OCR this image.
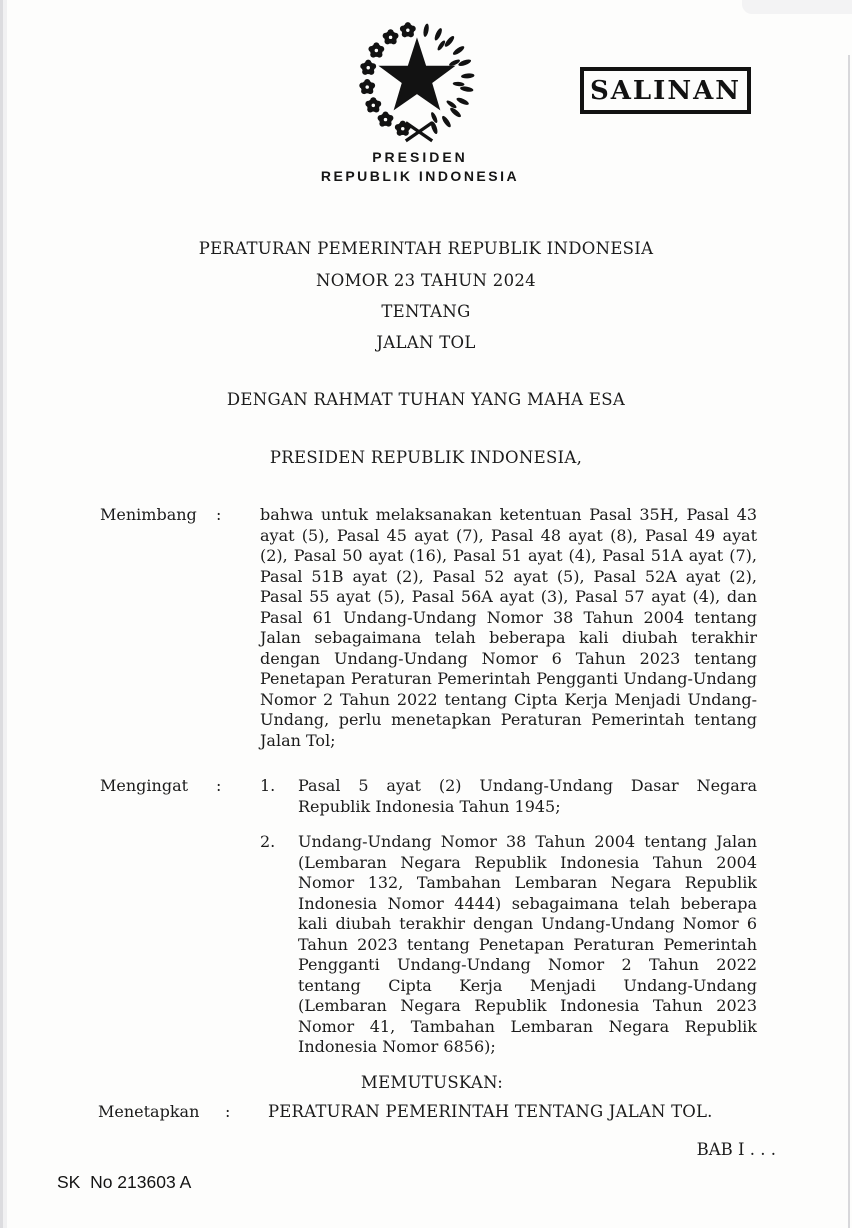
PRESIDEN
REPUBLIK INDONESIA
SALINAN
PERATURAN PEMERINTAH REPUBLIK INDONESIA
NOMOR 23 TAHUN 2024
TENTANG
JALAN TOL
DENGAN RAHMAT TUHAN YANG MAHA ESA
PRESIDEN REPUBLIK INDONESIA,
Menimbang	:	bahwa untuk melaksanakan ketentuan Pasal 35H, Pasal 43 ayat (5), Pasal 45 ayat (7), Pasal 48 ayat (8), Pasal 49 ayat (2), Pasal 50 ayat (16), Pasal 51 ayat (4), Pasal 51A ayat (7), Pasal 51B ayat (2), Pasal 52 ayat (5), Pasal 52A ayat (2), Pasal 55 ayat (5), Pasal 56A ayat (3), Pasal 57 ayat (4), dan Pasal 61 Undang-Undang Nomor 38 Tahun 2004 tentang Jalan sebagaimana telah beberapa kali diubah terakhir dengan Undang-Undang Nomor 6 Tahun 2023 tentang Penetapan Peraturan Pemerintah Pengganti Undang-Undang Nomor 2 Tahun 2022 tentang Cipta Kerja Menjadi Undang-Undang, perlu menetapkan Peraturan Pemerintah tentang Jalan Tol;
Mengingat	:	1.	Pasal 5 ayat (2) Undang-Undang Dasar Negara Republik Indonesia Tahun 1945;
2.	Undang-Undang Nomor 38 Tahun 2004 tentang Jalan (Lembaran Negara Republik Indonesia Tahun 2004 Nomor 132, Tambahan Lembaran Negara Republik Indonesia Nomor 4444) sebagaimana telah beberapa kali diubah terakhir dengan Undang-Undang Nomor 6 Tahun 2023 tentang Penetapan Peraturan Pemerintah Pengganti Undang-Undang Nomor 2 Tahun 2022 tentang Cipta Kerja Menjadi Undang-Undang (Lembaran Negara Republik Indonesia Tahun 2023 Nomor 41, Tambahan Lembaran Negara Republik Indonesia Nomor 6856);
MEMUTUSKAN:
Menetapkan	:	PERATURAN PEMERINTAH TENTANG JALAN TOL.
BAB I . . .
SK  No 213603 A
